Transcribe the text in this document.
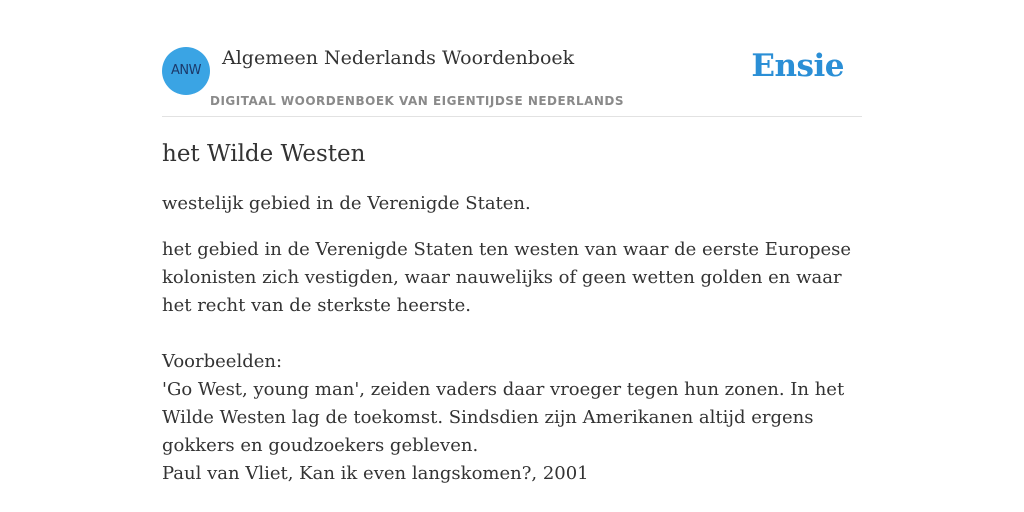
ANW
Algemeen Nederlands Woordenboek
DIGITAAL WOORDENBOEK VAN EIGENTIJDSE NEDERLANDS
Ensie
het Wilde Westen

westelijk gebied in de Verenigde Staten.

het gebied in de Verenigde Staten ten westen van waar de eerste Europese kolonisten zich vestigden, waar nauwelijks of geen wetten golden en waar het recht van de sterkste heerste.
Voorbeelden:
'Go West, young man', zeiden vaders daar vroeger tegen hun zonen. In het Wilde Westen lag de toekomst. Sindsdien zijn Amerikanen altijd ergens gokkers en goudzoekers gebleven.
Paul van Vliet, Kan ik even langskomen?, 2001
